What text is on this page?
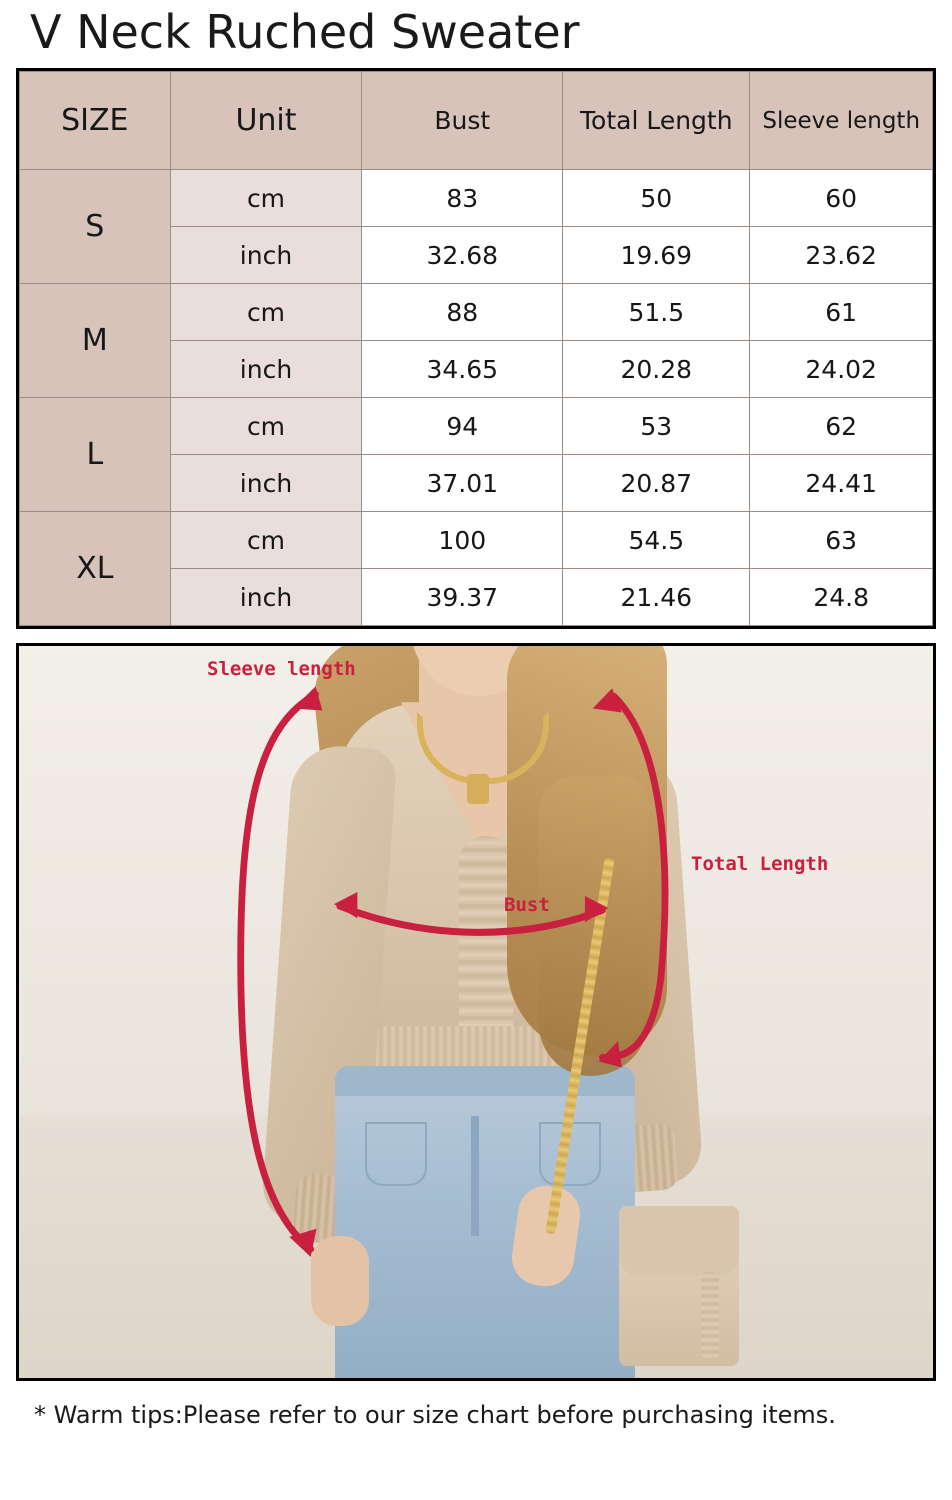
V Neck Ruched Sweater
SIZE	Unit	Bust	Total Length	Sleeve length
S	cm	83	50	60
	inch	32.68	19.69	23.62
M	cm	88	51.5	61
	inch	34.65	20.28	24.02
L	cm	94	53	62
	inch	37.01	20.87	24.41
XL	cm	100	54.5	63
	inch	39.37	21.46	24.8
Sleeve length
Total Length
Bust
* Warm tips:Please refer to our size chart before purchasing items.
